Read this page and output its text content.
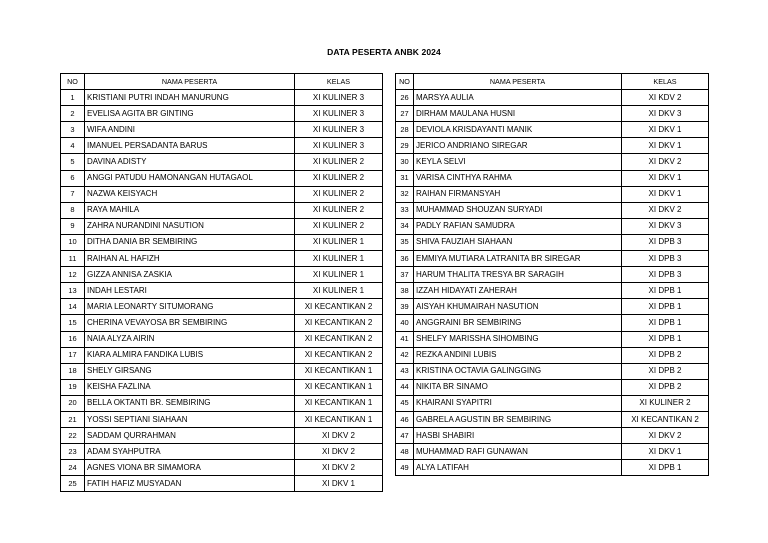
DATA PESERTA ANBK 2024
NO	NAMA PESERTA	KELAS
1	KRISTIANI PUTRI INDAH MANURUNG	XI KULINER 3
2	EVELISA AGITA BR GINTING	XI KULINER 3
3	WIFA ANDINI	XI KULINER 3
4	IMANUEL PERSADANTA BARUS	XI KULINER 3
5	DAVINA ADISTY	XI KULINER 2
6	ANGGI PATUDU HAMONANGAN HUTAGAOL	XI KULINER 2
7	NAZWA KEISYACH	XI KULINER 2
8	RAYA MAHILA	XI KULINER 2
9	ZAHRA NURANDINI NASUTION	XI KULINER 2
10	DITHA DANIA BR SEMBIRING	XI KULINER 1
11	RAIHAN AL HAFIZH	XI KULINER 1
12	GIZZA ANNISA ZASKIA	XI KULINER 1
13	INDAH LESTARI	XI KULINER 1
14	MARIA LEONARTY SITUMORANG	XI KECANTIKAN 2
15	CHERINA VEVAYOSA BR SEMBIRING	XI KECANTIKAN 2
16	NAIA ALYZA AIRIN	XI KECANTIKAN 2
17	KIARA ALMIRA FANDIKA LUBIS	XI KECANTIKAN 2
18	SHELY GIRSANG	XI KECANTIKAN 1
19	KEISHA FAZLINA	XI KECANTIKAN 1
20	BELLA OKTANTI BR. SEMBIRING	XI KECANTIKAN 1
21	YOSSI SEPTIANI SIAHAAN	XI KECANTIKAN 1
22	SADDAM QURRAHMAN	XI DKV 2
23	ADAM SYAHPUTRA	XI DKV 2
24	AGNES VIONA BR SIMAMORA	XI DKV 2
25	FATIH HAFIZ MUSYADAN	XI DKV 1
NO	NAMA PESERTA	KELAS
26	MARSYA AULIA	XI KDV 2
27	DIRHAM MAULANA HUSNI	XI DKV 3
28	DEVIOLA KRISDAYANTI MANIK	XI DKV 1
29	JERICO ANDRIANO SIREGAR	XI DKV 1
30	KEYLA SELVI	XI DKV 2
31	VARISA CINTHYA RAHMA	XI DKV 1
32	RAIHAN FIRMANSYAH	XI DKV 1
33	MUHAMMAD SHOUZAN SURYADI	XI DKV 2
34	PADLY RAFIAN SAMUDRA	XI DKV 3
35	SHIVA FAUZIAH SIAHAAN	XI DPB 3
36	EMMIYA MUTIARA LATRANITA BR SIREGAR	XI DPB 3
37	HARUM THALITA TRESYA BR SARAGIH	XI DPB 3
38	IZZAH HIDAYATI ZAHERAH	XI DPB 1
39	AISYAH KHUMAIRAH NASUTION	XI DPB 1
40	ANGGRAINI BR SEMBIRING	XI DPB 1
41	SHELFY MARISSHA SIHOMBING	XI DPB 1
42	REZKA ANDINI LUBIS	XI DPB 2
43	KRISTINA OCTAVIA GALINGGING	XI DPB 2
44	NIKITA BR SINAMO	XI DPB 2
45	KHAIRANI SYAPITRI	XI KULINER 2
46	GABRELA AGUSTIN BR SEMBIRING	XI KECANTIKAN 2
47	HASBI SHABIRI	XI DKV 2
48	MUHAMMAD RAFI GUNAWAN	XI DKV 1
49	ALYA LATIFAH	XI DPB 1
